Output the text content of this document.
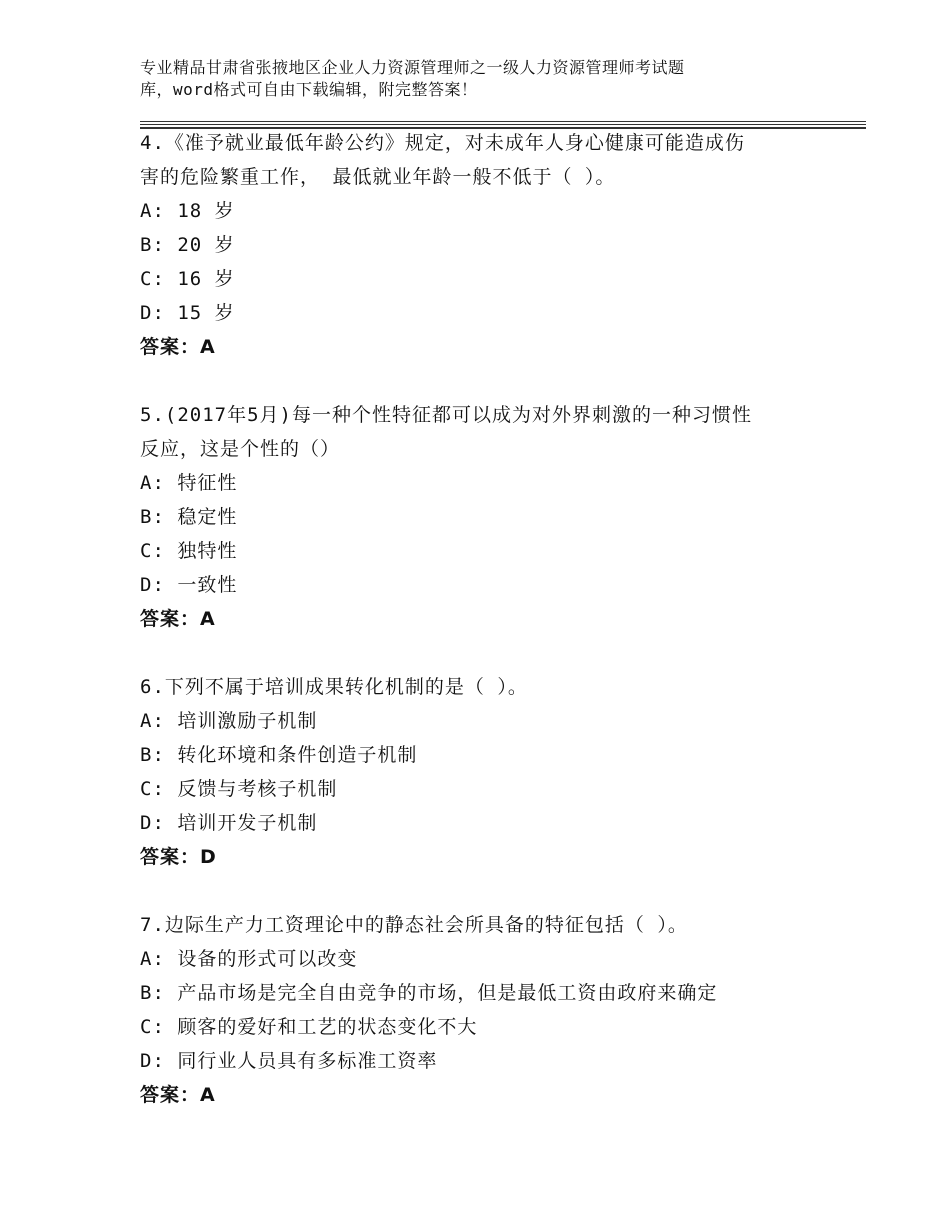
专业精品甘肃省张掖地区企业人力资源管理师之一级人力资源管理师考试题
库，word格式可自由下载编辑，附完整答案！
4.《准予就业最低年龄公约》规定，对未成年人身心健康可能造成伤
害的危险繁重工作， 最低就业年龄一般不低于（ ）。
A: 18 岁
B: 20 岁
C: 16 岁
D: 15 岁
答案：A
5.(2017年5月)每一种个性特征都可以成为对外界刺激的一种习惯性
反应，这是个性的（）
A: 特征性
B: 稳定性
C: 独特性
D: 一致性
答案：A
6.下列不属于培训成果转化机制的是（ ）。
A: 培训激励子机制
B: 转化环境和条件创造子机制
C: 反馈与考核子机制
D: 培训开发子机制
答案：D
7.边际生产力工资理论中的静态社会所具备的特征包括（ ）。
A: 设备的形式可以改变
B: 产品市场是完全自由竞争的市场，但是最低工资由政府来确定
C: 顾客的爱好和工艺的状态变化不大
D: 同行业人员具有多标准工资率
答案：A
